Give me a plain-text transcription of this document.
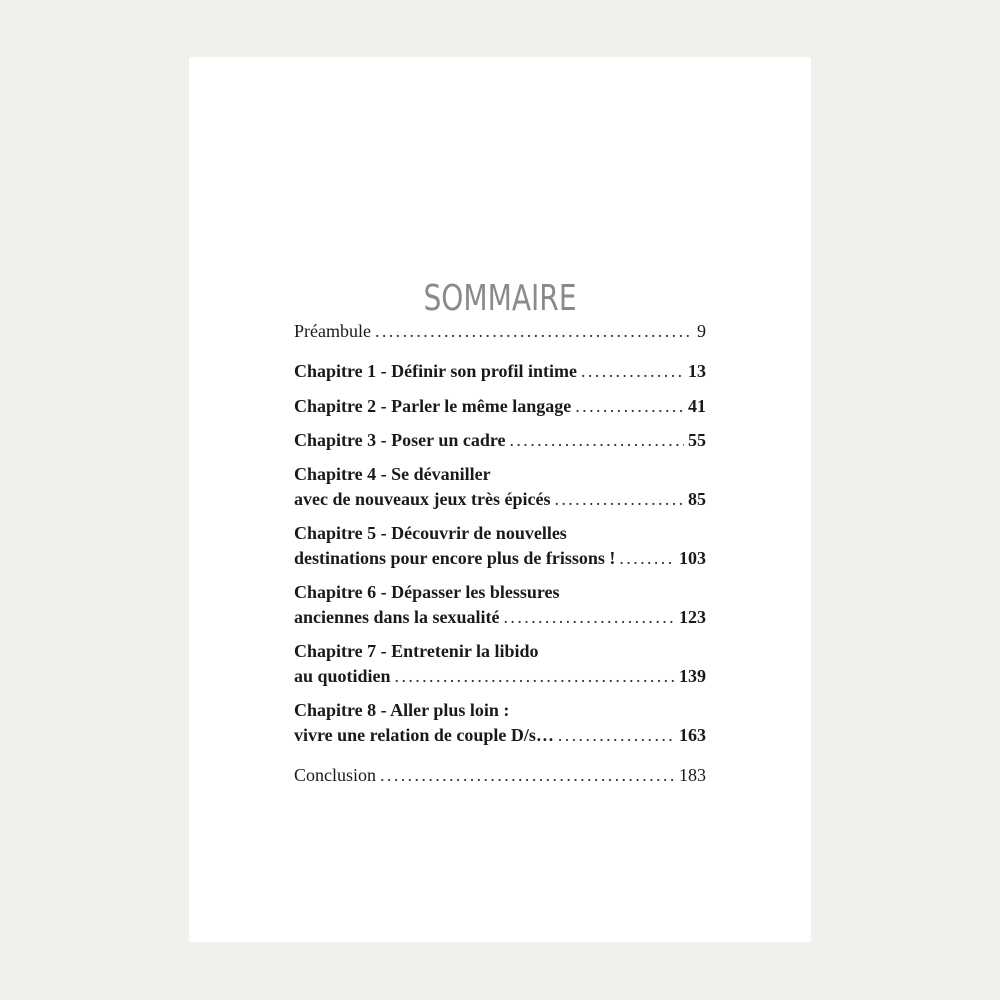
SOMMAIRE
Préambule .....	9
Chapitre 1 - Définir son profil intime .....	13
Chapitre 2 - Parler le même langage .....	41
Chapitre 3 - Poser un cadre .....	55
Chapitre 4 - Se dévaniller
avec de nouveaux jeux très épicés .....	85
Chapitre 5 - Découvrir de nouvelles
destinations pour encore plus de frissons ! .....	103
Chapitre 6 - Dépasser les blessures
anciennes dans la sexualité .....	123
Chapitre 7 - Entretenir la libido
au quotidien .....	139
Chapitre 8 - Aller plus loin :
vivre une relation de couple D/s… .....	163
Conclusion .....	183
